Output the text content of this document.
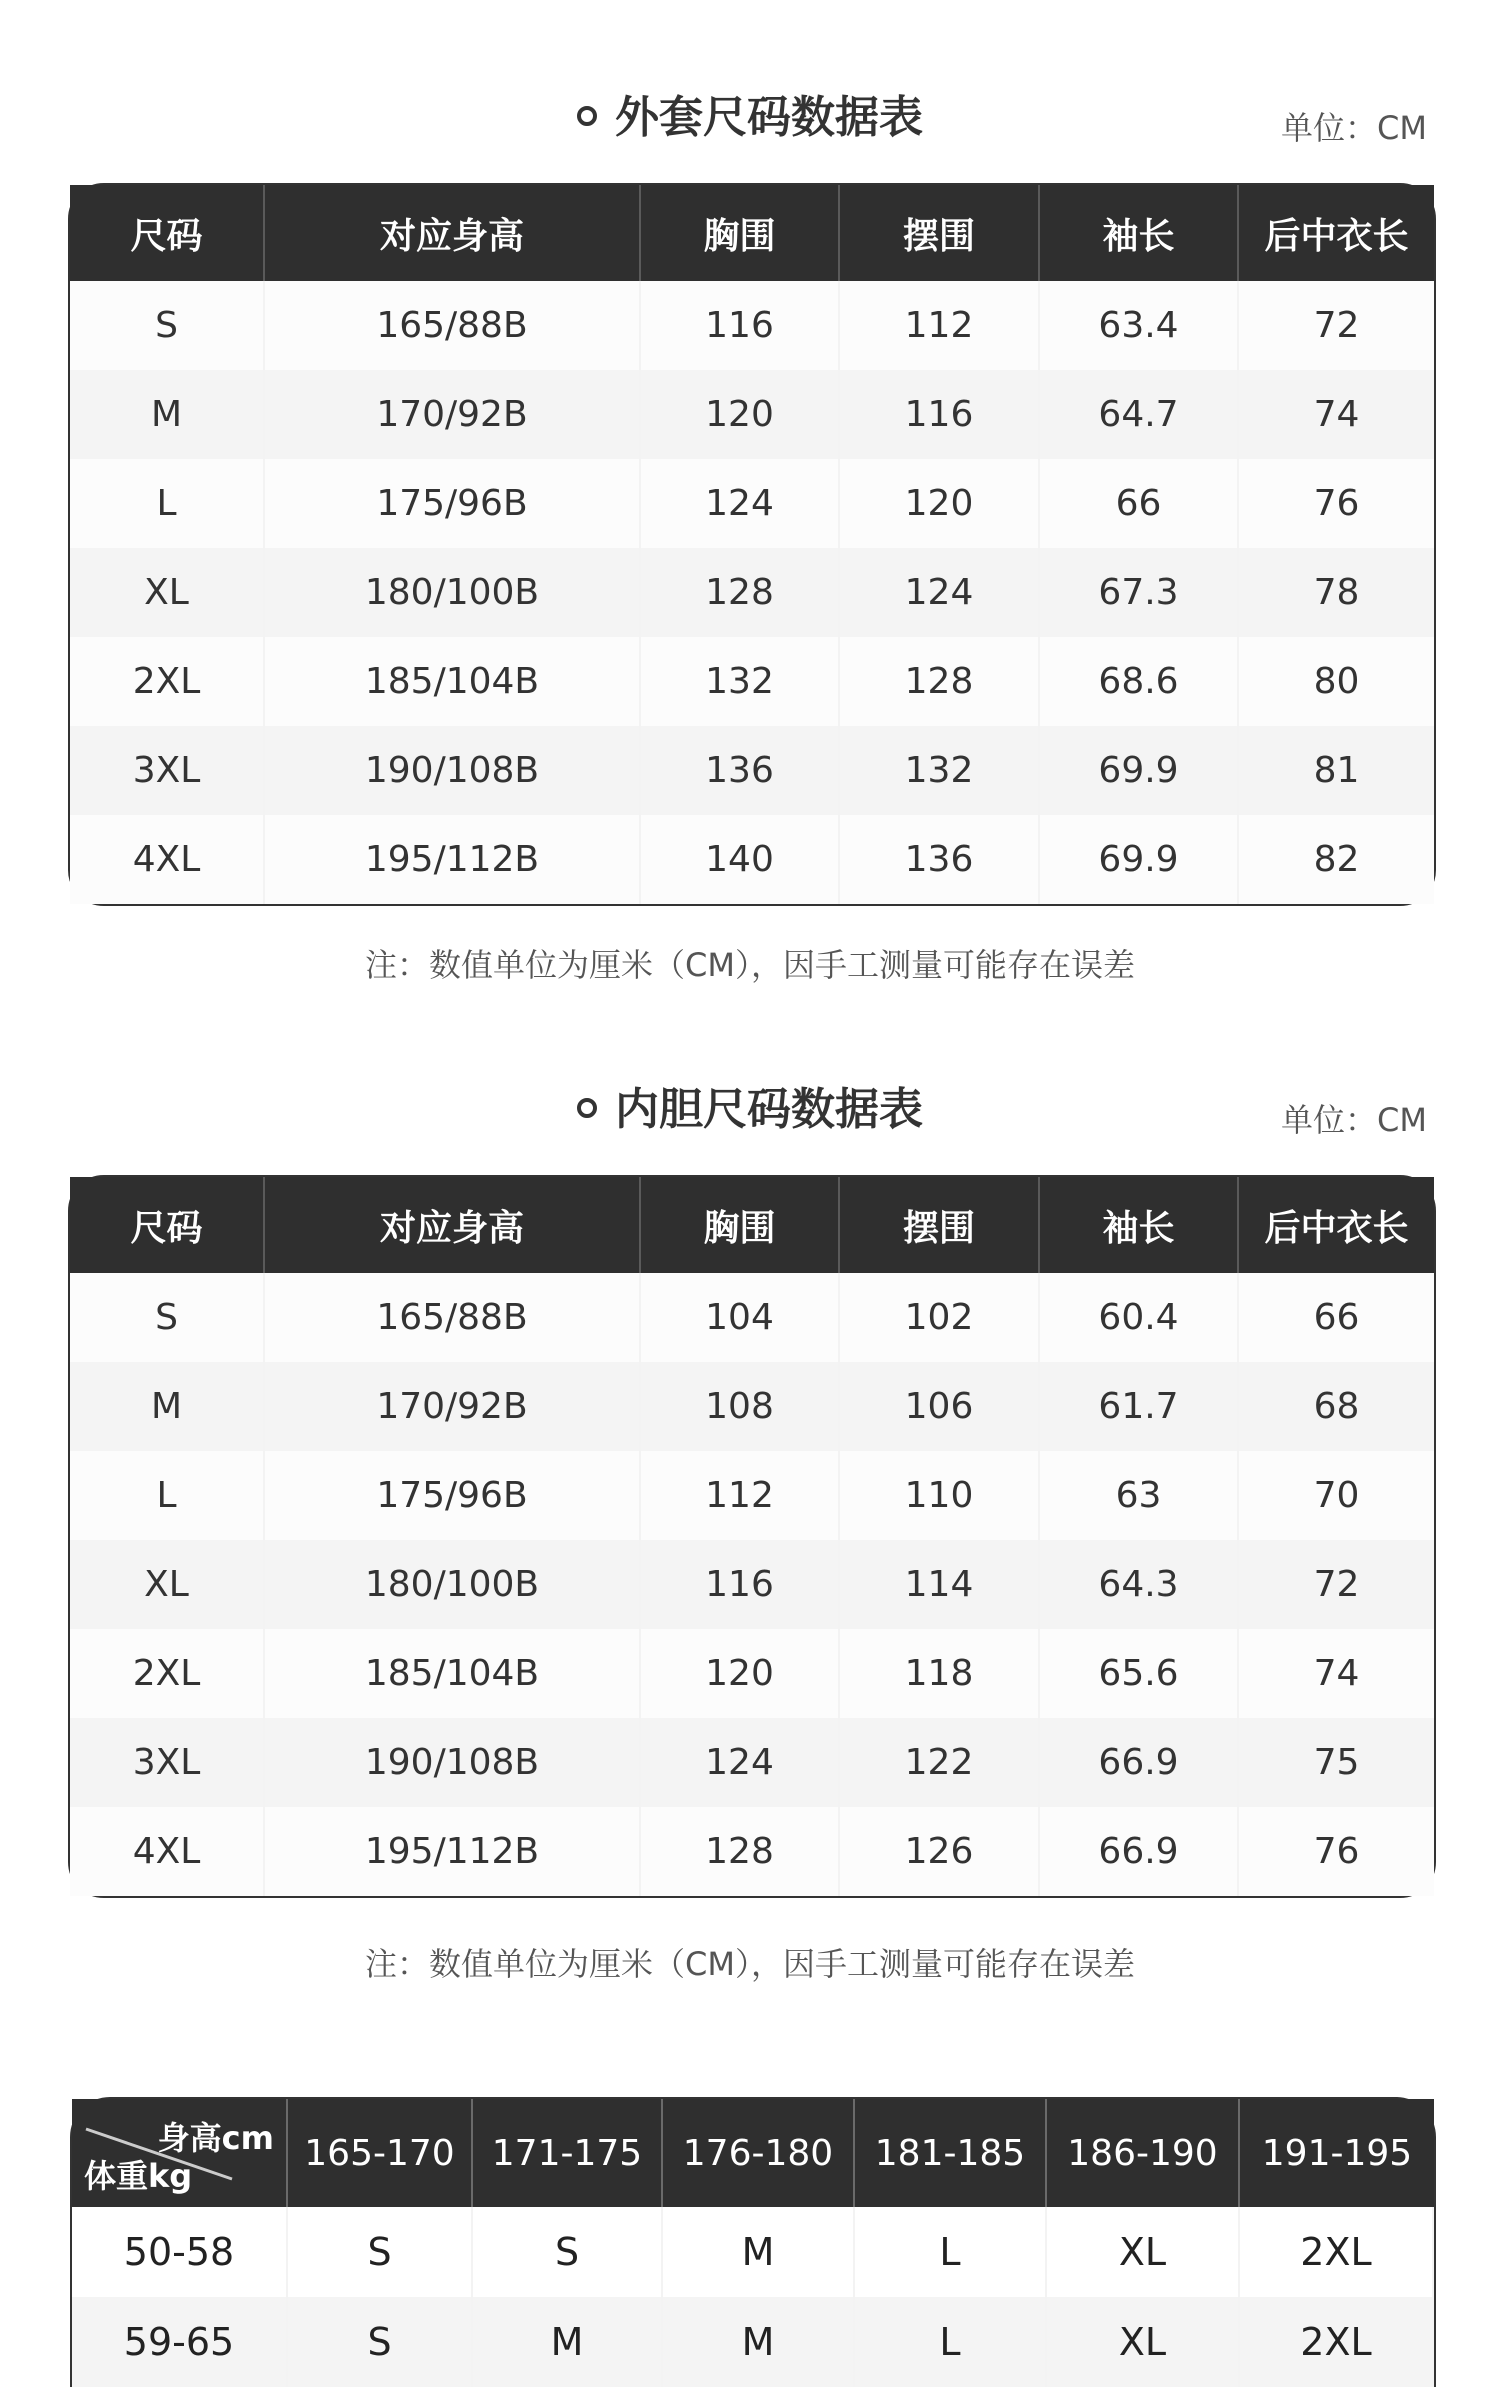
外套尺码数据表	单位：CM
尺码	对应身高	胸围	摆围	袖长	后中衣长
S	165/88B	116	112	63.4	72
M	170/92B	120	116	64.7	74
L	175/96B	124	120	66	76
XL	180/100B	128	124	67.3	78
2XL	185/104B	132	128	68.6	80
3XL	190/108B	136	132	69.9	81
4XL	195/112B	140	136	69.9	82
注：数值单位为厘米（CM），因手工测量可能存在误差
内胆尺码数据表	单位：CM
尺码	对应身高	胸围	摆围	袖长	后中衣长
S	165/88B	104	102	60.4	66
M	170/92B	108	106	61.7	68
L	175/96B	112	110	63	70
XL	180/100B	116	114	64.3	72
2XL	185/104B	120	118	65.6	74
3XL	190/108B	124	122	66.9	75
4XL	195/112B	128	126	66.9	76
注：数值单位为厘米（CM），因手工测量可能存在误差
身高cm
体重kg	165-170	171-175	176-180	181-185	186-190	191-195
50-58	S	S	M	L	XL	2XL
59-65	S	M	M	L	XL	2XL
